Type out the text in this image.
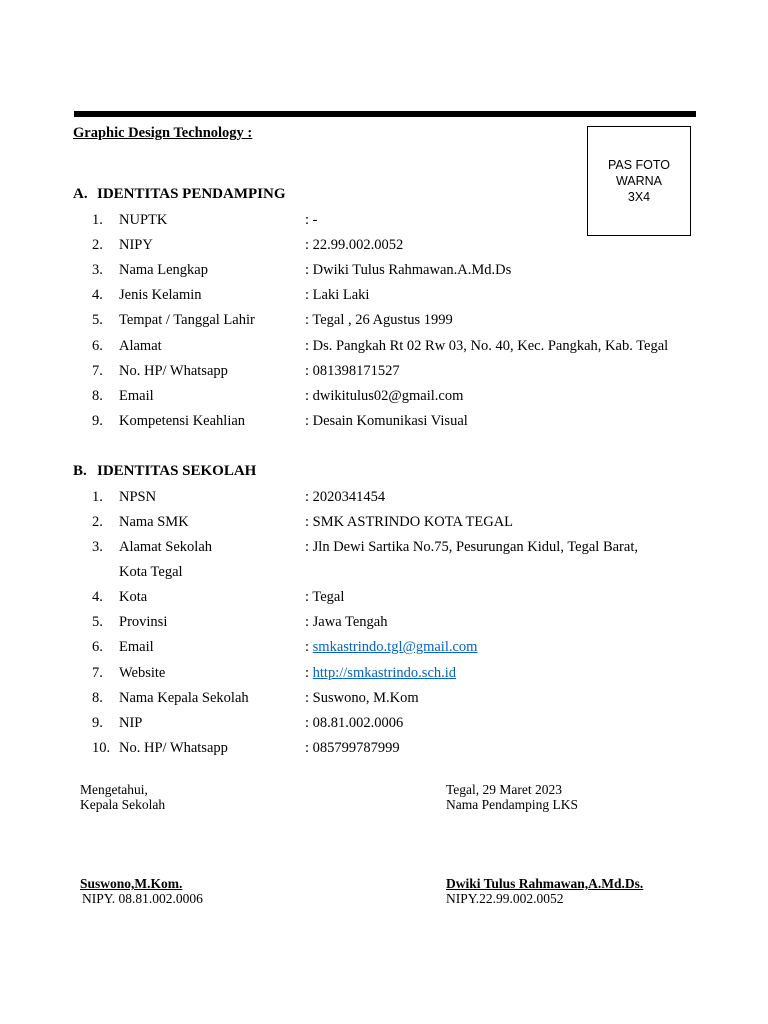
Graphic Design Technology :
PAS FOTO
WARNA
3X4
A. IDENTITAS PENDAMPING
1.	NUPTK	: -
2.	NIPY	: 22.99.002.0052
3.	Nama Lengkap	: Dwiki Tulus Rahmawan.A.Md.Ds
4.	Jenis Kelamin	: Laki Laki
5.	Tempat / Tanggal Lahir	: Tegal , 26 Agustus 1999
6.	Alamat	: Ds. Pangkah Rt 02 Rw 03, No. 40, Kec. Pangkah, Kab. Tegal
7.	No. HP/ Whatsapp	: 081398171527
8.	Email	: dwikitulus02@gmail.com
9.	Kompetensi Keahlian	: Desain Komunikasi Visual
B. IDENTITAS SEKOLAH
1.	NPSN	: 2020341454
2.	Nama SMK	: SMK ASTRINDO KOTA TEGAL
3.	Alamat Sekolah	: Jln Dewi Sartika No.75, Pesurungan Kidul, Tegal Barat,
Kota Tegal
4.	Kota	: Tegal
5.	Provinsi	: Jawa Tengah
6.	Email	: smkastrindo.tgl@gmail.com
7.	Website	: http://smkastrindo.sch.id
8.	Nama Kepala Sekolah	: Suswono, M.Kom
9.	NIP	: 08.81.002.0006
10. No. HP/ Whatsapp	: 085799787999
Mengetahui,
Kepala Sekolah
Suswono,M.Kom.
NIPY. 08.81.002.0006
Tegal, 29 Maret 2023
Nama Pendamping LKS
Dwiki Tulus Rahmawan,A.Md.Ds.
NIPY.22.99.002.0052
